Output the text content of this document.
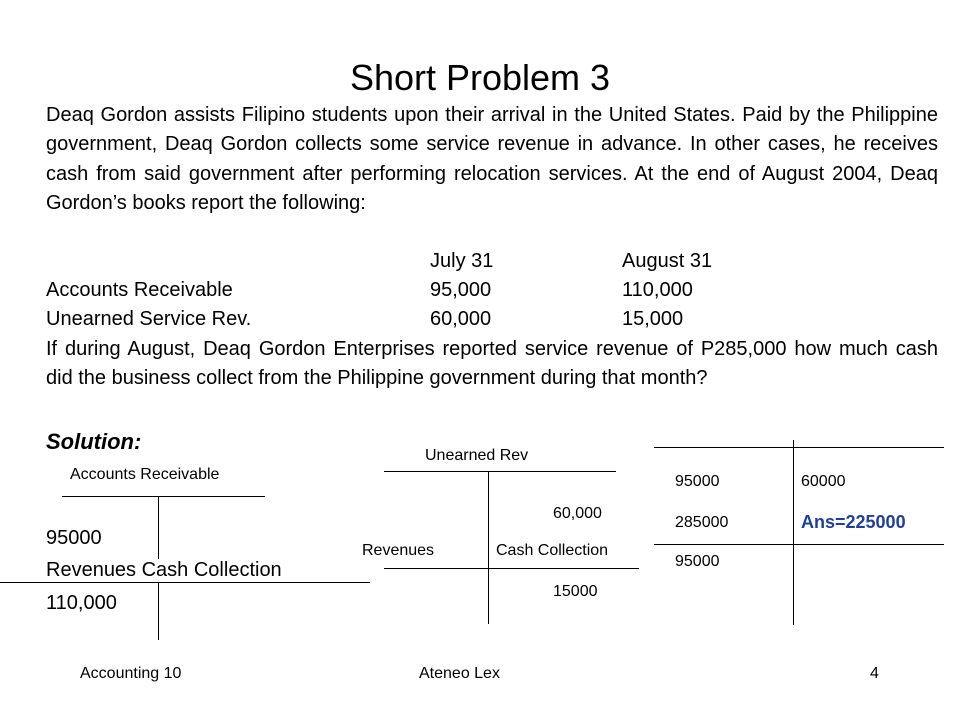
Short Problem 3
Deaq Gordon assists Filipino students upon their arrival in the United States. Paid by the Philippine government, Deaq Gordon collects some service revenue in advance. In other cases, he receives cash from said government after performing relocation services. At the end of August 2004, Deaq Gordon’s books report the following:
July 31	August 31
Accounts Receivable	95,000	110,000
Unearned Service Rev.	60,000	15,000
If during August, Deaq Gordon Enterprises reported service revenue of P285,000 how much cash did the business collect from the Philippine government during that month?
Solution:
Accounts Receivable
95000
Revenues Cash Collection
110,000
Unearned Rev
60,000
Revenues	Cash Collection
15000
95000	60000
285000	Ans=225000
95000
Accounting 10	Ateneo Lex	4
